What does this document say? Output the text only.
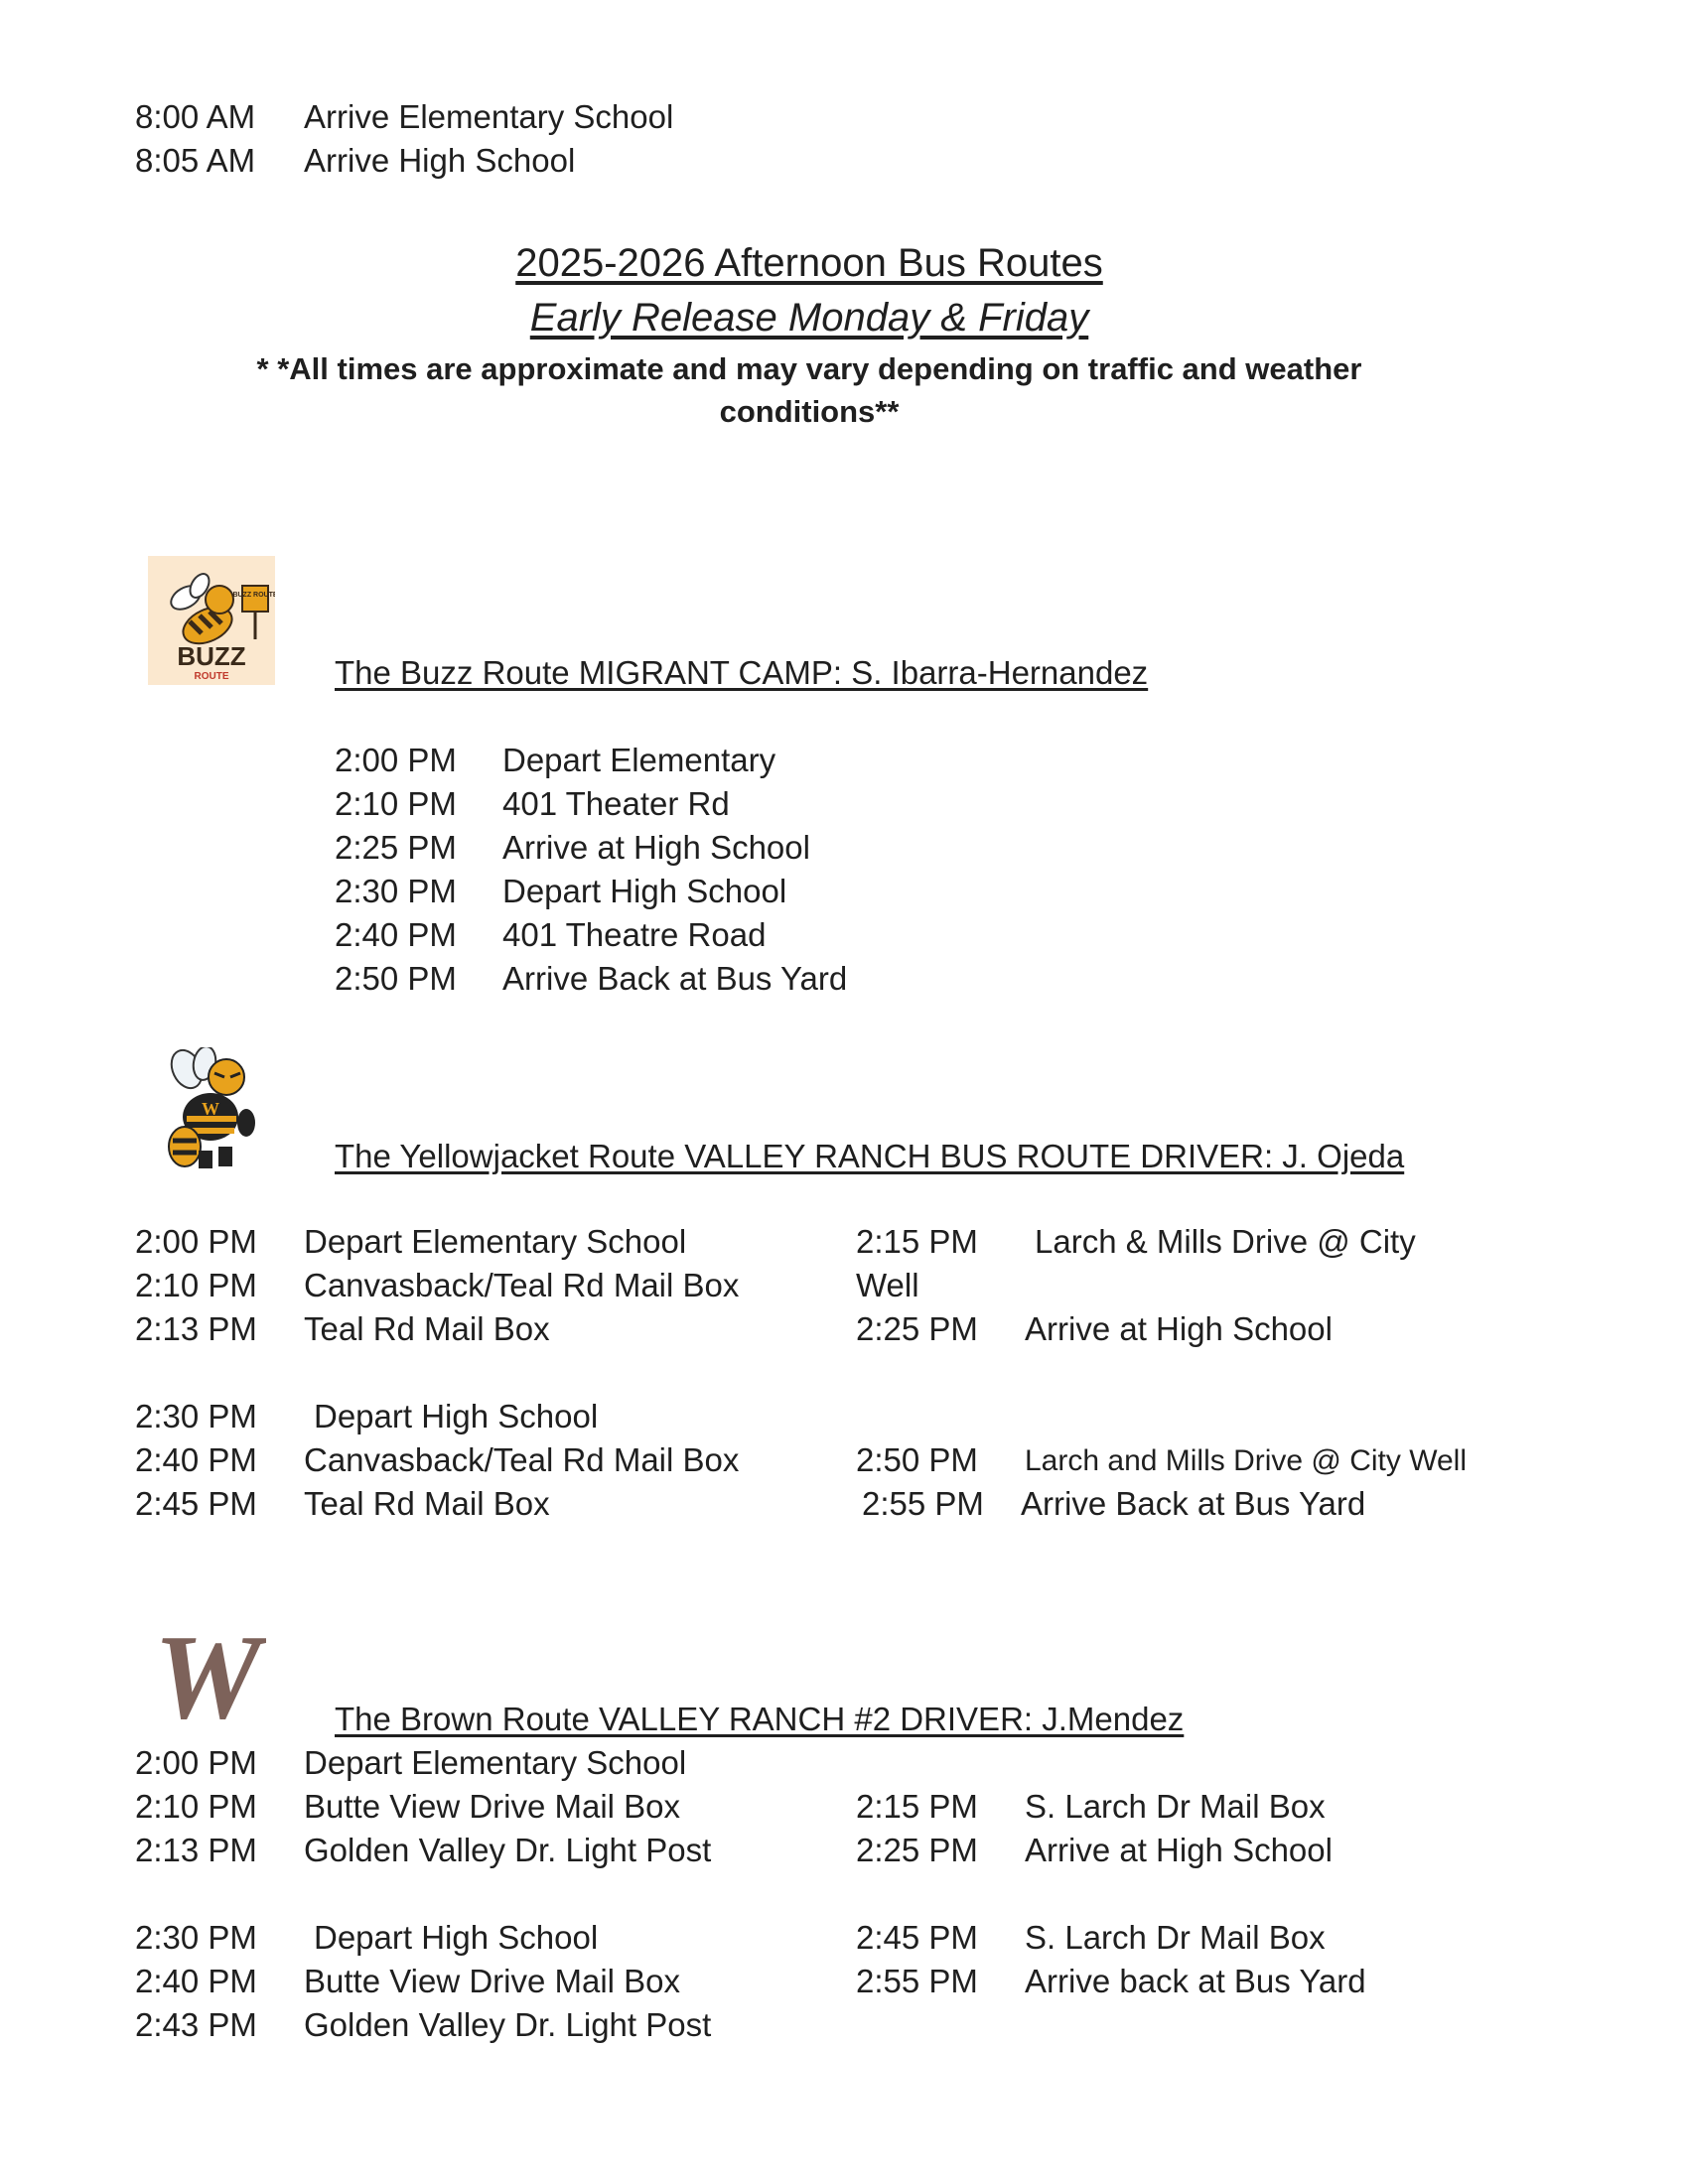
8:00 AM Arrive Elementary School
8:05 AM Arrive High School
2025-2026 Afternoon Bus Routes
Early Release Monday & Friday
* *All times are approximate and may vary depending on traffic and weather conditions**
BUZZ ROUTE
BUZZ
ROUTE	The Buzz Route MIGRANT CAMP: S. Ibarra-Hernandez
2:00 PM Depart Elementary
2:10 PM 401 Theater Rd
2:25 PM Arrive at High School
2:30 PM Depart High School
2:40 PM 401 Theatre Road
2:50 PM Arrive Back at Bus Yard
W
The Yellowjacket Route VALLEY RANCH BUS ROUTE DRIVER: J. Ojeda
2:00 PM Depart Elementary School
2:10 PM Canvasback/Teal Rd Mail Box
2:13 PM Teal Rd Mail Box
2:15 PM Larch & Mills Drive @ City
Well
2:25 PM Arrive at High School
2:30 PM Depart High School
2:40 PM Canvasback/Teal Rd Mail Box
2:45 PM Teal Rd Mail Box
2:50 PM Larch and Mills Drive @ City Well
2:55 PM Arrive Back at Bus Yard
W The Brown Route VALLEY RANCH #2 DRIVER: J.Mendez
2:00 PM Depart Elementary School
2:10 PM Butte View Drive Mail Box
2:13 PM Golden Valley Dr. Light Post
2:15 PM S. Larch Dr Mail Box
2:25 PM Arrive at High School
2:30 PM Depart High School
2:40 PM Butte View Drive Mail Box
2:43 PM Golden Valley Dr. Light Post
2:45 PM S. Larch Dr Mail Box
2:55 PM Arrive back at Bus Yard
